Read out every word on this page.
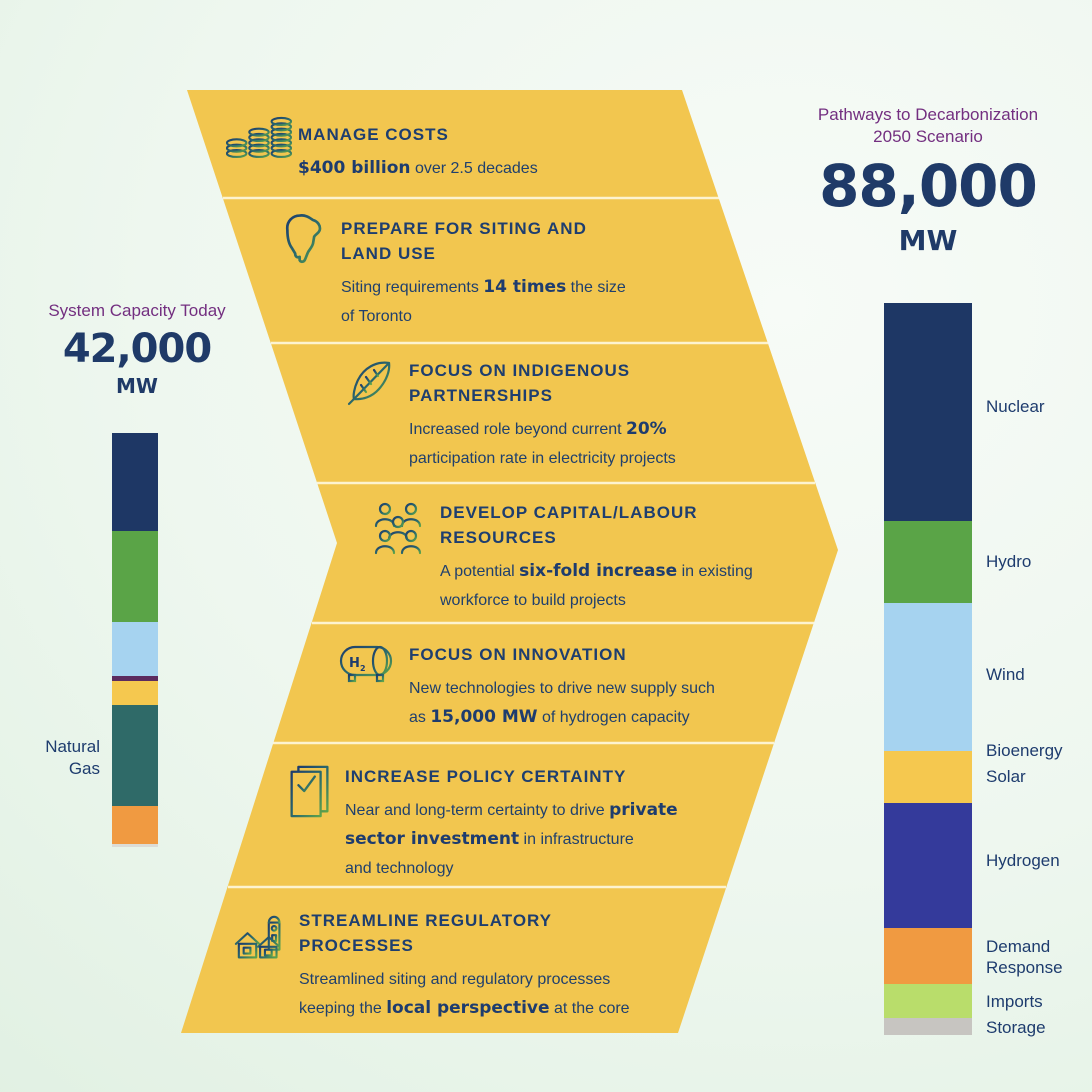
System Capacity Today
42,000
MW
Natural
Gas
Pathways to Decarbonization
2050 Scenario
88,000
MW
Nuclear
Hydro
Wind
Bioenergy
Solar
Hydrogen
Demand Response
Imports
Storage
MANAGE COSTS
$400 billion over 2.5 decades
PREPARE FOR SITING AND
LAND USE
Siting requirements 14 times the size
of Toronto
FOCUS ON INDIGENOUS
PARTNERSHIPS
Increased role beyond current 20%
participation rate in electricity projects
DEVELOP CAPITAL/LABOUR
RESOURCES
A potential six-fold increase in existing
workforce to build projects
H 2
FOCUS ON INNOVATION
New technologies to drive new supply such
as 15,000 MW of hydrogen capacity
INCREASE POLICY CERTAINTY
Near and long-term certainty to drive private
sector investment in infrastructure
and technology
STREAMLINE REGULATORY
PROCESSES
Streamlined siting and regulatory processes
keeping the local perspective at the core
